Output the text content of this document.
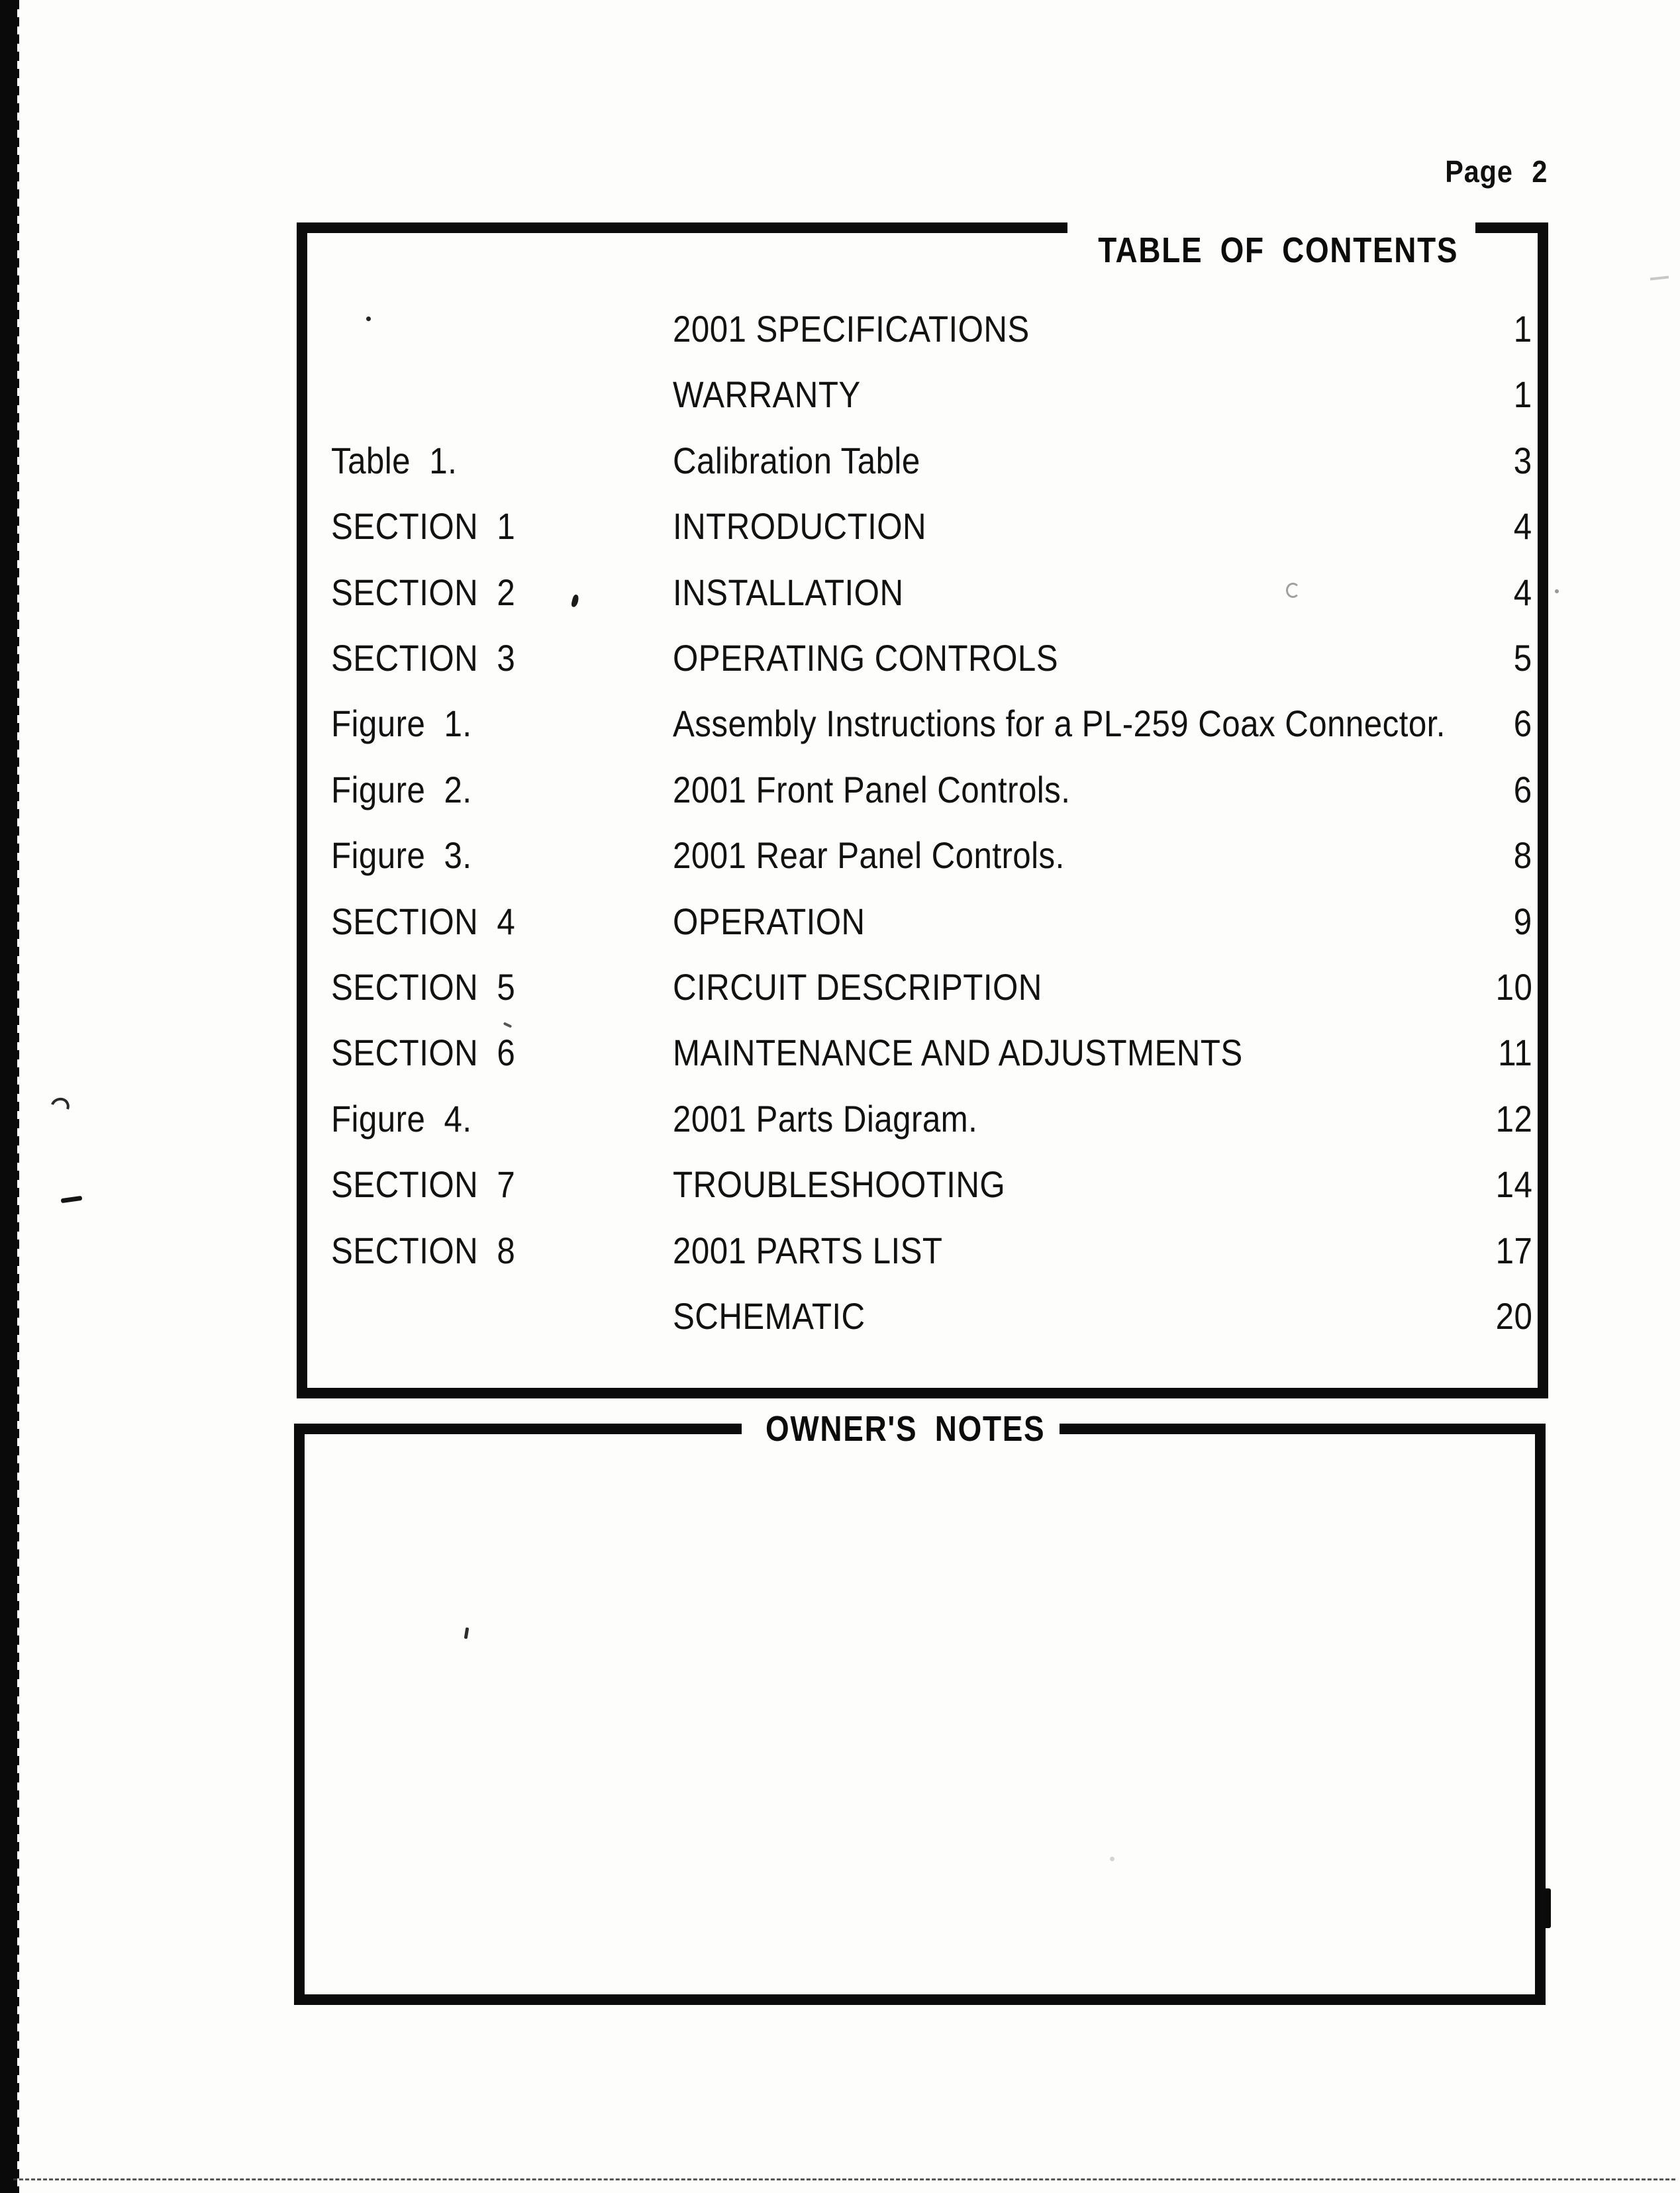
Page 2
TABLE OF CONTENTS
2001 SPECIFICATIONS	1
WARRANTY	1
Table 1.	Calibration Table	3
SECTION 1	INTRODUCTION	4
SECTION 2	INSTALLATION	4
SECTION 3	OPERATING CONTROLS	5
Figure 1.	Assembly Instructions for a PL-259 Coax Connector. 6
Figure 2.	2001 Front Panel Controls.	6
Figure 3.	2001 Rear Panel Controls.	8
SECTION 4	OPERATION	9
SECTION 5	CIRCUIT DESCRIPTION	10
SECTION 6	MAINTENANCE AND ADJUSTMENTS	11
Figure 4.	2001 Parts Diagram.	12
SECTION 7	TROUBLESHOOTING	14
SECTION 8	2001 PARTS LIST	17
SCHEMATIC	20
OWNER'S NOTES
